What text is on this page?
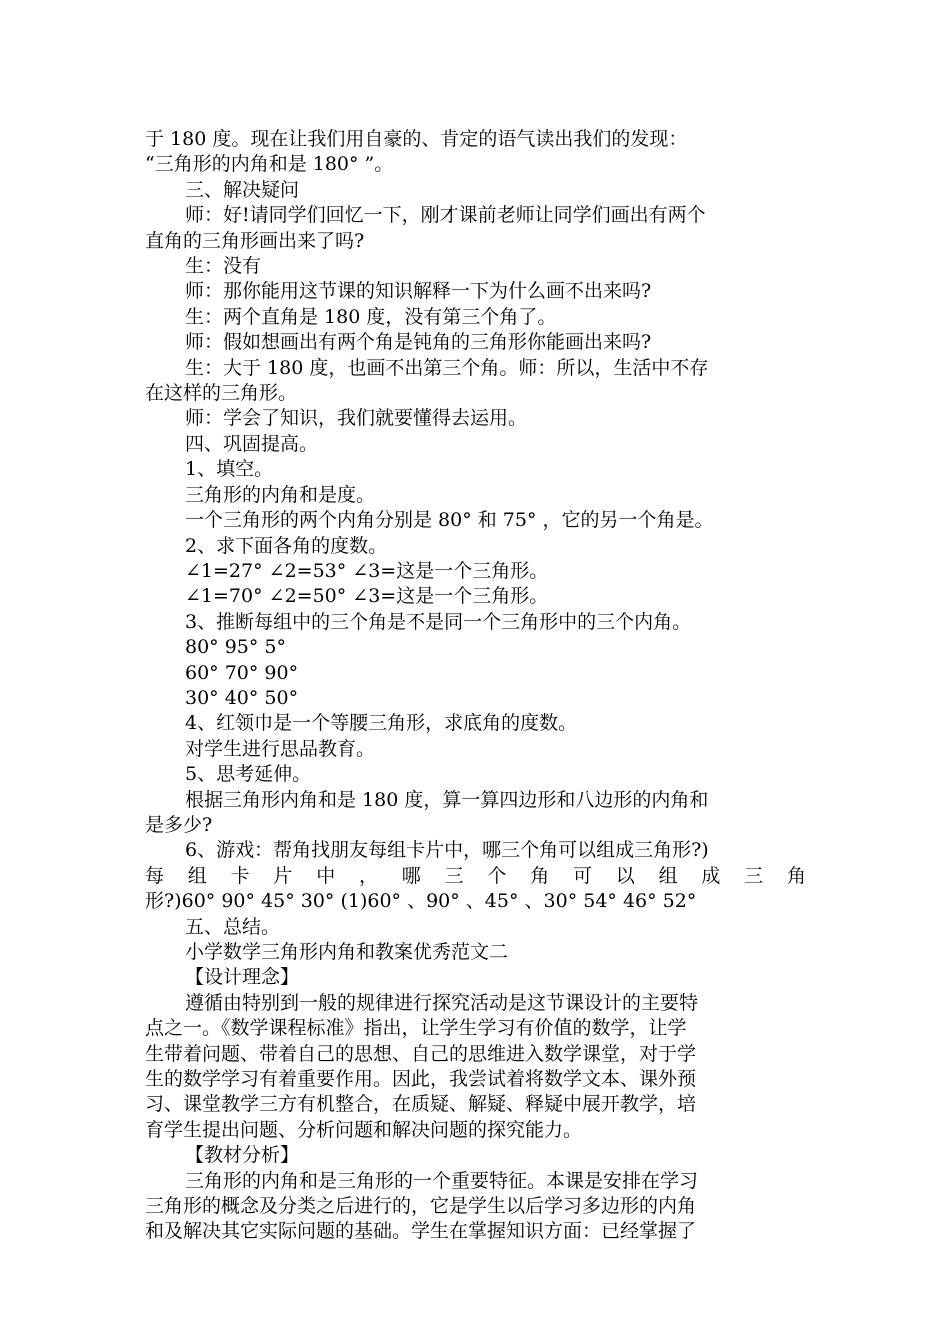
于 180 度。现在让我们用自豪的、肯定的语气读出我们的发现：

“三角形的内角和是 180° ”。

三、解决疑问

师：好!请同学们回忆一下，刚才课前老师让同学们画出有两个

直角的三角形画出来了吗?

生：没有

师：那你能用这节课的知识解释一下为什么画不出来吗?

生：两个直角是 180 度，没有第三个角了。

师：假如想画出有两个角是钝角的三角形你能画出来吗?

生：大于 180 度，也画不出第三个角。师：所以，生活中不存

在这样的三角形。

师：学会了知识，我们就要懂得去运用。

四、巩固提高。

1、填空。

三角形的内角和是度。

一个三角形的两个内角分别是 80° 和 75° ，它的另一个角是。

2、求下面各角的度数。

∠1=27° ∠2=53° ∠3=这是一个三角形。

∠1=70° ∠2=50° ∠3=这是一个三角形。

3、推断每组中的三个角是不是同一个三角形中的三个内角。

80° 95° 5°

60° 70° 90°

30° 40° 50°

4、红领巾是一个等腰三角形，求底角的度数。

对学生进行思品教育。

5、思考延伸。

根据三角形内角和是 180 度，算一算四边形和八边形的内角和

是多少?

6、游戏：帮角找朋友每组卡片中，哪三个角可以组成三角形?)

每 组 卡 片 中 ， 哪 三 个 角 可 以 组 成 三 角

形?)60° 90° 45° 30° (1)60° 、90° 、45° 、30° 54° 46° 52°

五、总结。

小学数学三角形内角和教案优秀范文二

【设计理念】

遵循由特别到一般的规律进行探究活动是这节课设计的主要特

点之一。《数学课程标准》指出，让学生学习有价值的数学，让学

生带着问题、带着自己的思想、自己的思维进入数学课堂，对于学

生的数学学习有着重要作用。因此，我尝试着将数学文本、课外预

习、课堂教学三方有机整合，在质疑、解疑、释疑中展开教学，培

育学生提出问题、分析问题和解决问题的探究能力。

【教材分析】

三角形的内角和是三角形的一个重要特征。本课是安排在学习

三角形的概念及分类之后进行的，它是学生以后学习多边形的内角

和及解决其它实际问题的基础。学生在掌握知识方面：已经掌握了
